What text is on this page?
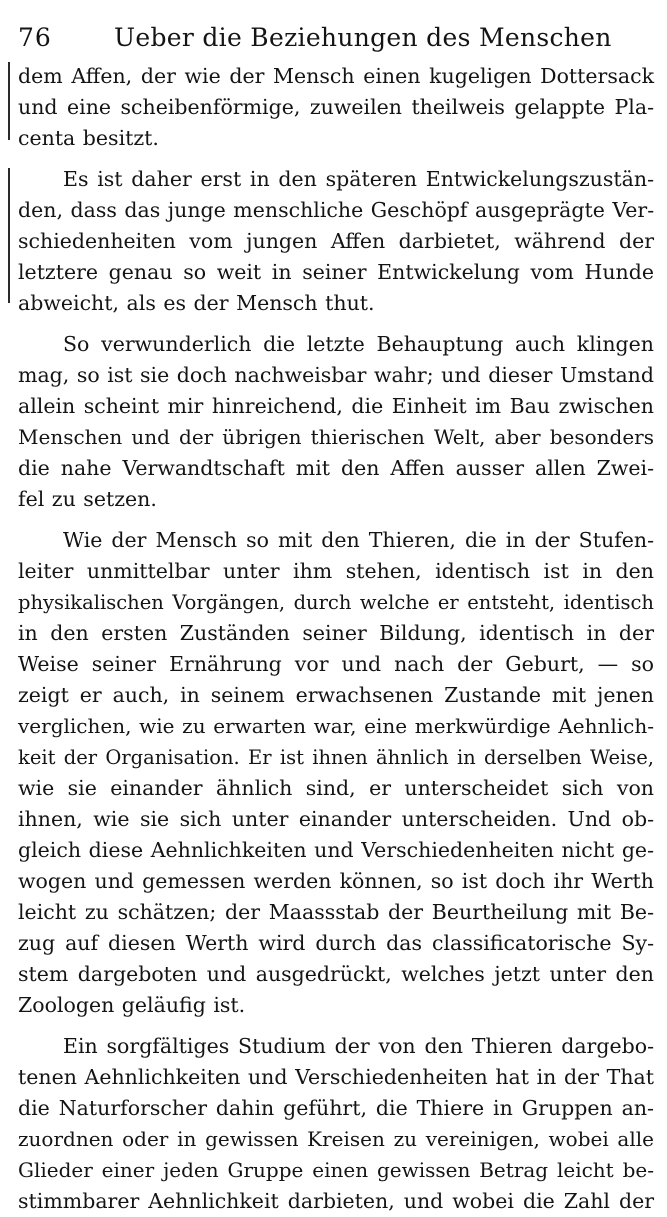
76 Ueber die Beziehungen des Menschen
dem Affen, der wie der Mensch einen kugeligen Dottersack
und eine scheibenförmige, zuweilen theilweis gelappte Pla-
centa besitzt.
Es ist daher erst in den späteren Entwickelungszustän-
den, dass das junge menschliche Geschöpf ausgeprägte Ver-
schiedenheiten vom jungen Affen darbietet, während der
letztere genau so weit in seiner Entwickelung vom Hunde
abweicht, als es der Mensch thut.
So verwunderlich die letzte Behauptung auch klingen
mag, so ist sie doch nachweisbar wahr; und dieser Umstand
allein scheint mir hinreichend, die Einheit im Bau zwischen
Menschen und der übrigen thierischen Welt, aber besonders
die nahe Verwandtschaft mit den Affen ausser allen Zwei-
fel zu setzen.
Wie der Mensch so mit den Thieren, die in der Stufen-
leiter unmittelbar unter ihm stehen, identisch ist in den
physikalischen Vorgängen, durch welche er entsteht, identisch
in den ersten Zuständen seiner Bildung, identisch in der
Weise seiner Ernährung vor und nach der Geburt, — so
zeigt er auch, in seinem erwachsenen Zustande mit jenen
verglichen, wie zu erwarten war, eine merkwürdige Aehnlich-
keit der Organisation. Er ist ihnen ähnlich in derselben Weise,
wie sie einander ähnlich sind, er unterscheidet sich von
ihnen, wie sie sich unter einander unterscheiden. Und ob-
gleich diese Aehnlichkeiten und Verschiedenheiten nicht ge-
wogen und gemessen werden können, so ist doch ihr Werth
leicht zu schätzen; der Maassstab der Beurtheilung mit Be-
zug auf diesen Werth wird durch das classificatorische Sy-
stem dargeboten und ausgedrückt, welches jetzt unter den
Zoologen geläufig ist.
Ein sorgfältiges Studium der von den Thieren dargebo-
tenen Aehnlichkeiten und Verschiedenheiten hat in der That
die Naturforscher dahin geführt, die Thiere in Gruppen an-
zuordnen oder in gewissen Kreisen zu vereinigen, wobei alle
Glieder einer jeden Gruppe einen gewissen Betrag leicht be-
stimmbarer Aehnlichkeit darbieten, und wobei die Zahl der
